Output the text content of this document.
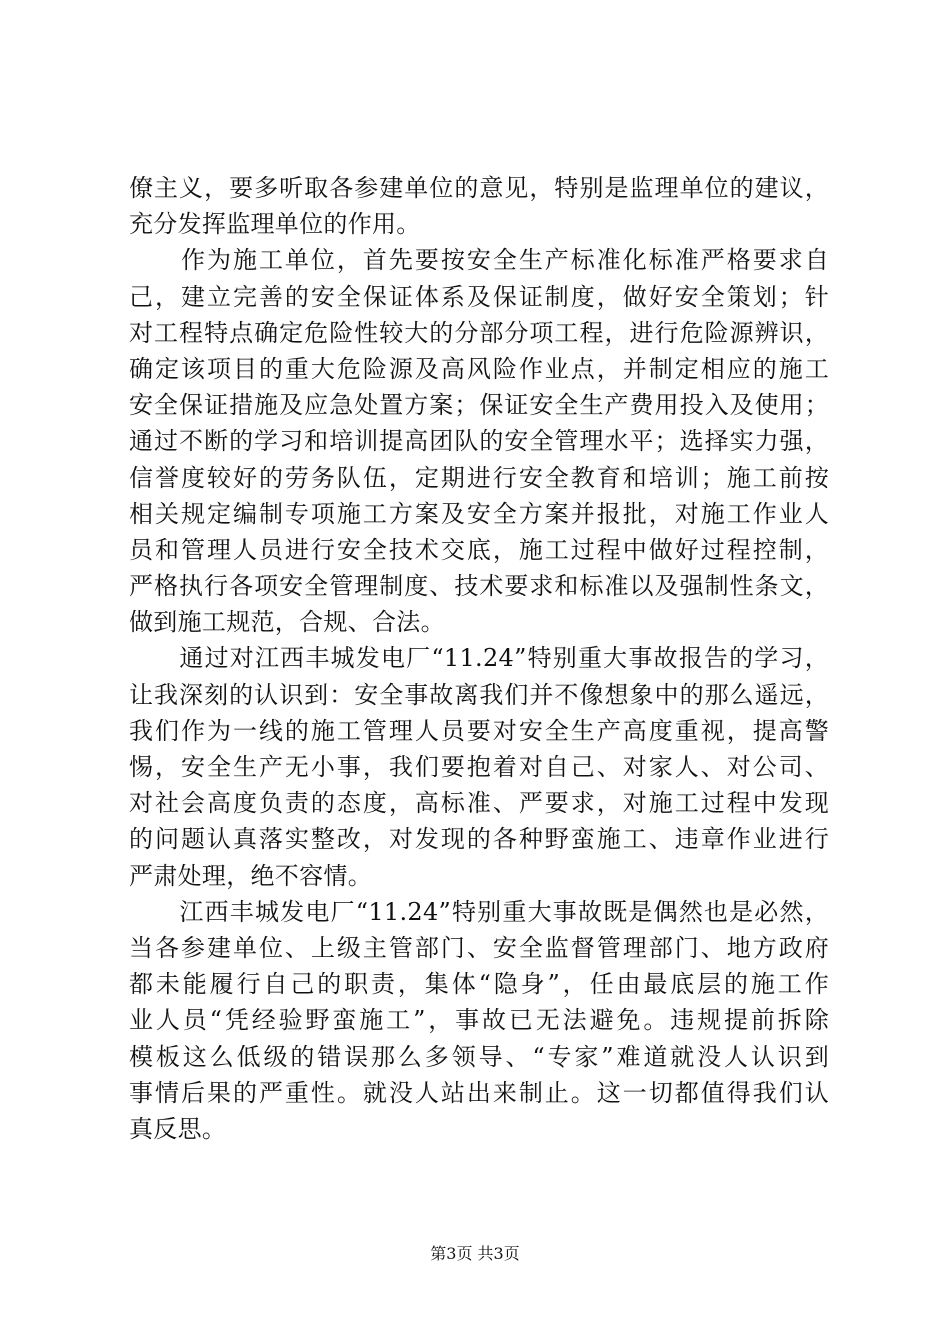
僚主义，要多听取各参建单位的意见，特别是监理单位的建议，
充分发挥监理单位的作用。
　　作为施工单位，首先要按安全生产标准化标准严格要求自
己，建立完善的安全保证体系及保证制度，做好安全策划；针
对工程特点确定危险性较大的分部分项工程，进行危险源辨识，
确定该项目的重大危险源及高风险作业点，并制定相应的施工
安全保证措施及应急处置方案；保证安全生产费用投入及使用；
通过不断的学习和培训提高团队的安全管理水平；选择实力强，
信誉度较好的劳务队伍，定期进行安全教育和培训；施工前按
相关规定编制专项施工方案及安全方案并报批，对施工作业人
员和管理人员进行安全技术交底，施工过程中做好过程控制，
严格执行各项安全管理制度、技术要求和标准以及强制性条文，
做到施工规范，合规、合法。
　　通过对江西丰城发电厂“11.24”特别重大事故报告的学习，
让我深刻的认识到：安全事故离我们并不像想象中的那么遥远，
我们作为一线的施工管理人员要对安全生产高度重视，提高警
惕，安全生产无小事，我们要抱着对自己、对家人、对公司、
对社会高度负责的态度，高标准、严要求，对施工过程中发现
的问题认真落实整改，对发现的各种野蛮施工、违章作业进行
严肃处理，绝不容情。
　　江西丰城发电厂“11.24”特别重大事故既是偶然也是必然，
当各参建单位、上级主管部门、安全监督管理部门、地方政府
都未能履行自己的职责，集体“隐身”，任由最底层的施工作
业人员“凭经验野蛮施工”，事故已无法避免。违规提前拆除
模板这么低级的错误那么多领导、“专家”难道就没人认识到
事情后果的严重性。就没人站出来制止。这一切都值得我们认
真反思。
第3页 共3页
